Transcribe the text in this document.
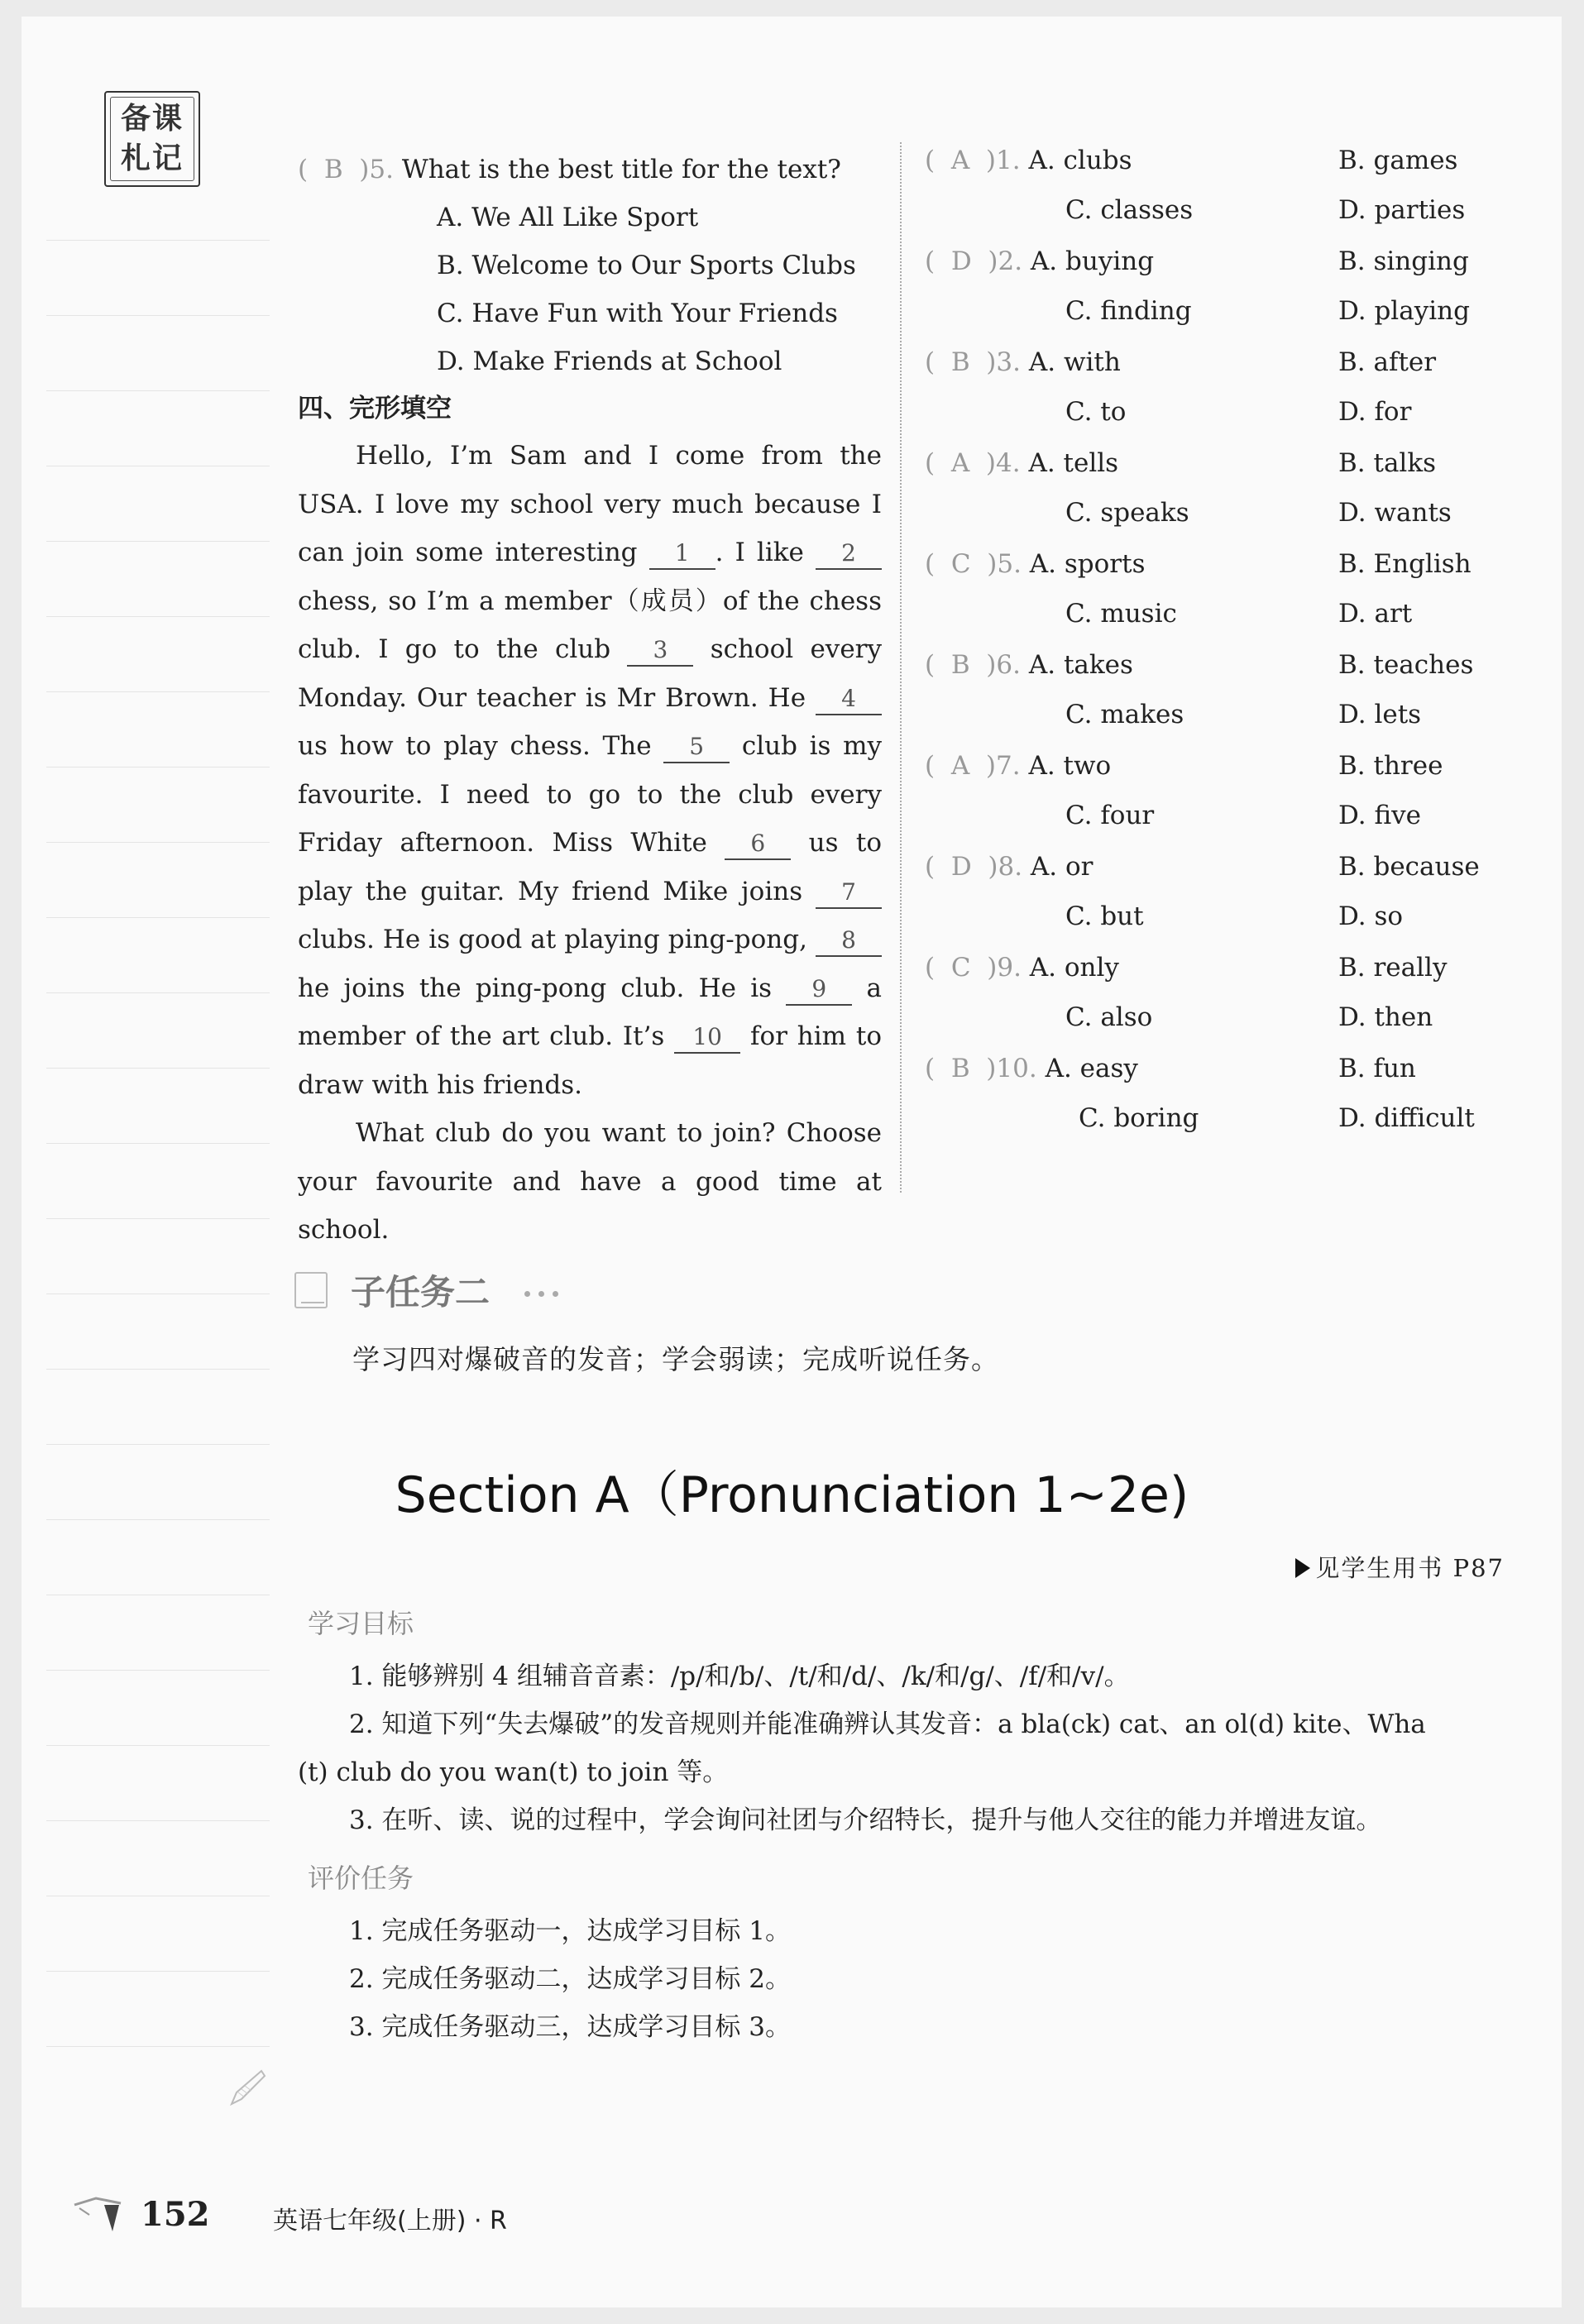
备课
札记	(  B  )5. What is the best title for the text?
A. We All Like Sport
B. Welcome to Our Sports Clubs
C. Have Fun with Your Friends
D. Make Friends at School
四、完形填空

Hello, I’m Sam and I come from the USA. I love my school very much because I can join some interesting 1 . I like 2 chess, so I’m a member（成员）of the chess club. I go to the club 3 school every Monday. Our teacher is Mr Brown. He 4 us how to play chess. The 5 club is my favourite. I need to go to the club every Friday afternoon. Miss White 6 us to play the guitar. My friend Mike joins 7 clubs. He is good at playing ping-pong, 8 he joins the ping-pong club. He is 9 a member of the art club. It’s 10 for him to draw with his friends.

What club do you want to join? Choose your favourite and have a good time at school.

(  A  )1. A. clubs	B. games
C. classes	D. parties
(  D  )2. A. buying	B. singing
C. finding	D. playing
(  B  )3. A. with	B. after
C. to	D. for
(  A  )4. A. tells	B. talks
C. speaks	D. wants
(  C  )5. A. sports	B. English
C. music	D. art
(  B  )6. A. takes	B. teaches
C. makes	D. lets
(  A  )7. A. two	B. three
C. four	D. five
(  D  )8. A. or	B. because
C. but	D. so
(  C  )9. A. only	B. really
C. also	D. then
(  B  )10. A. easy	B. fun
C. boring	D. difficult
子任务二
学习四对爆破音的发音；学会弱读；完成听说任务。
Section A（Pronunciation 1~2e)
见学生用书 P87
学习目标
1. 能够辨别 4 组辅音音素：/p/和/b/、/t/和/d/、/k/和/g/、/f/和/v/。
2. 知道下列“失去爆破”的发音规则并能准确辨认其发音：a bla(ck) cat、an ol(d) kite、Wha
(t) club do you wan(t) to join 等。
3. 在听、读、说的过程中，学会询问社团与介绍特长，提升与他人交往的能力并增进友谊。
评价任务
1. 完成任务驱动一，达成学习目标 1。
2. 完成任务驱动二，达成学习目标 2。
3. 完成任务驱动三，达成学习目标 3。
152	英语七年级(上册) · R
